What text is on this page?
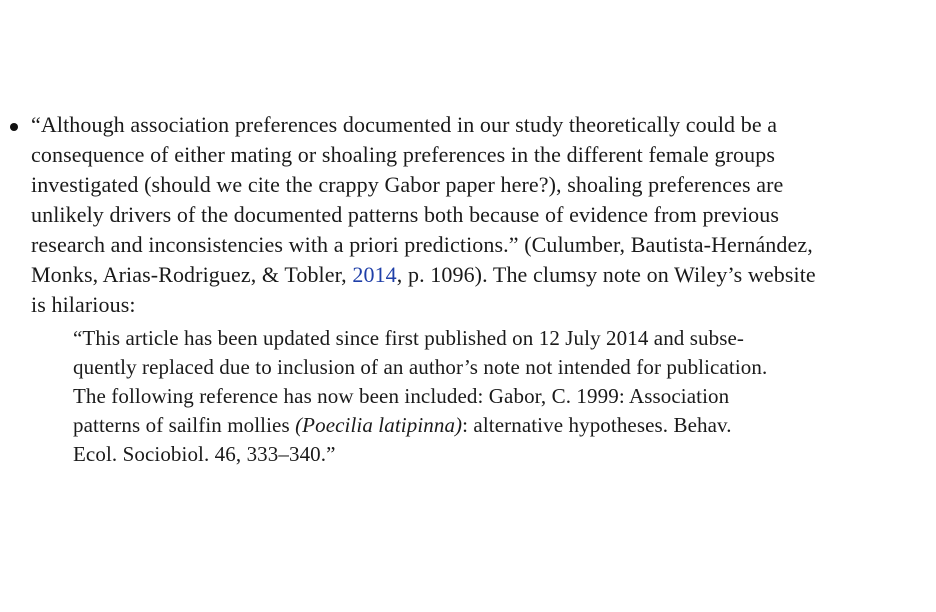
“Although association preferences documented in our study theoretically could be a
consequence of either mating or shoaling preferences in the different female groups
investigated (should we cite the crappy Gabor paper here?), shoaling preferences are
unlikely drivers of the documented patterns both because of evidence from previous
research and inconsistencies with a priori predictions.” (Culumber, Bautista-Hernández,
Monks, Arias-Rodriguez, & Tobler, 2014, p. 1096). The clumsy note on Wiley’s website
is hilarious:
“This article has been updated since first published on 12 July 2014 and subse-
quently replaced due to inclusion of an author’s note not intended for publication.
The following reference has now been included: Gabor, C. 1999: Association
patterns of sailfin mollies (Poecilia latipinna): alternative hypotheses. Behav.
Ecol. Sociobiol. 46, 333–340.”
